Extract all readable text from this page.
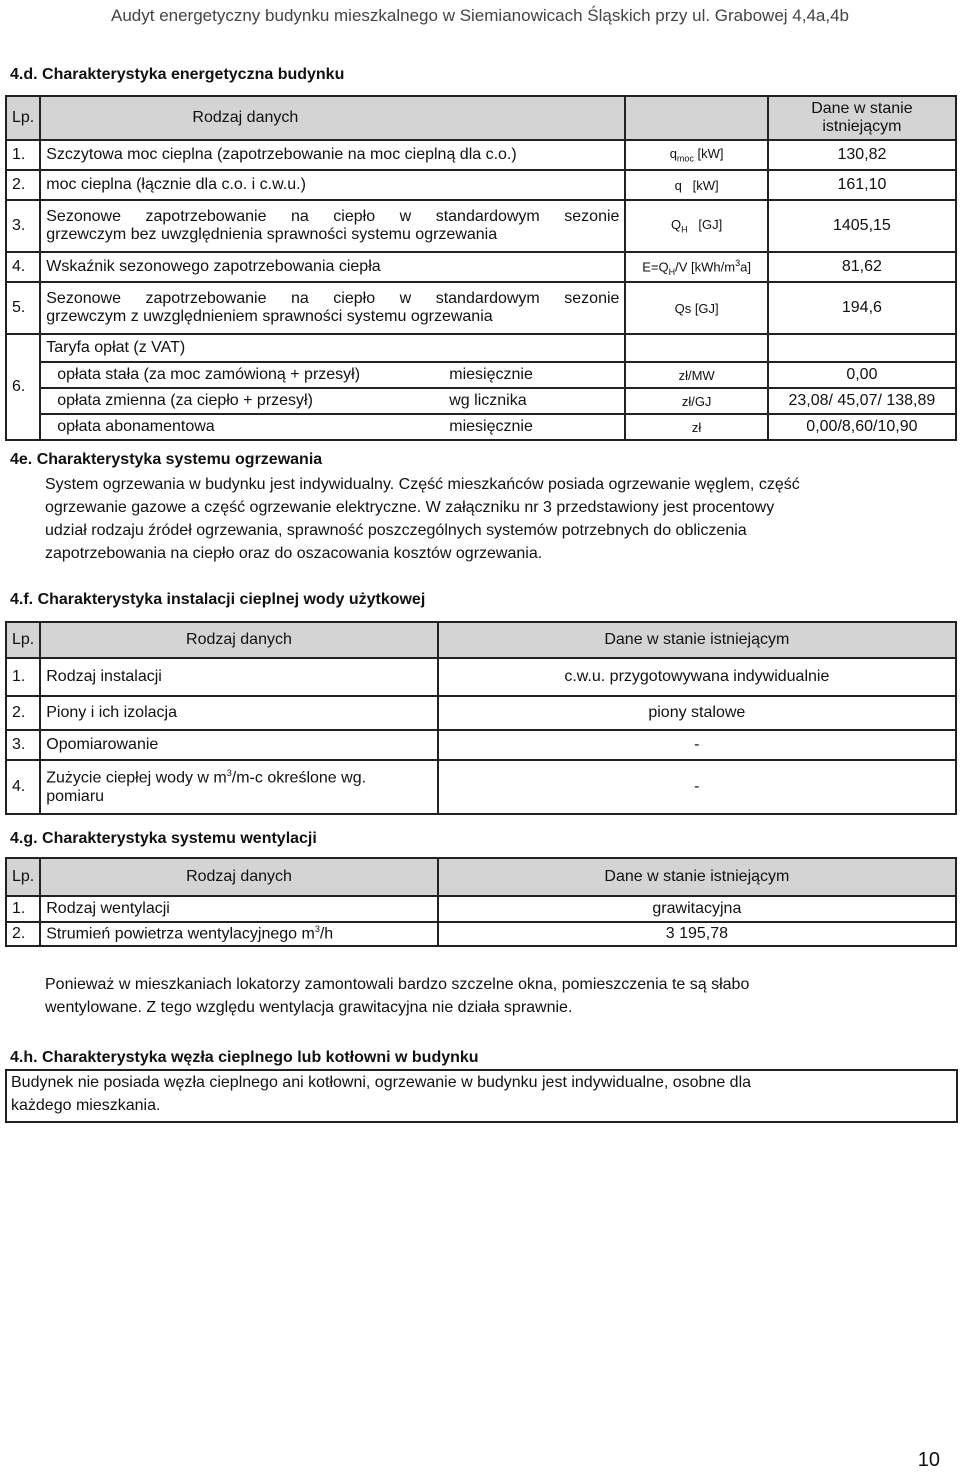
Audyt energetyczny budynku mieszkalnego w Siemianowicach Śląskich przy ul. Grabowej 4,4a,4b
4.d. Charakterystyka energetyczna budynku
Lp.	Rodzaj danych		Dane w stanie
istniejącym
1.	Szczytowa moc cieplna (zapotrzebowanie na moc cieplną dla c.o.)	$q_{moc}$ [kW]	130,82
2.	moc cieplna (łącznie dla c.o. i c.w.u.)	q   [kW]	161,10
3.	Sezonowe zapotrzebowanie na ciepło w standardowym sezonie
grzewczym bez uwzględnienia sprawności systemu ogrzewania	$Q_H$   [GJ]	1405,15
4.	Wskaźnik sezonowego zapotrzebowania ciepła	$E=Q_H/V$ $[kWh/m^3a]$	81,62
5.	Sezonowe zapotrzebowanie na ciepło w standardowym sezonie
grzewczym z uwzględnieniem sprawności systemu ogrzewania	Qs [GJ]	194,6
6.	Taryfa opłat (z VAT)		
	opłata stała (za moc zamówioną + przesył) miesięcznie	zł/MW	0,00
	opłata zmienna (za ciepło + przesył) wg licznika	zł/GJ	23,08/ 45,07/ 138,89
	opłata abonamentowa miesięcznie	zł	0,00/8,60/10,90
4e. Charakterystyka systemu ogrzewania
System ogrzewania w budynku jest indywidualny. Część mieszkańców posiada ogrzewanie węglem, część
ogrzewanie gazowe a część ogrzewanie elektryczne. W załączniku nr 3 przedstawiony jest procentowy
udział rodzaju źródeł ogrzewania, sprawność poszczególnych systemów potrzebnych do obliczenia
zapotrzebowania na ciepło oraz do oszacowania kosztów ogrzewania.
4.f. Charakterystyka instalacji cieplnej wody użytkowej
Lp.	Rodzaj danych	Dane w stanie istniejącym
1.	Rodzaj instalacji	c.w.u. przygotowywana indywidualnie
2.	Piony i ich izolacja	piony stalowe
3.	Opomiarowanie	-
4.	Zużycie ciepłej wody w $m^3/m-c$ określone wg.
pomiaru	-
4.g. Charakterystyka systemu wentylacji
Lp.	Rodzaj danych	Dane w stanie istniejącym
1.	Rodzaj wentylacji	grawitacyjna
2.	Strumień powietrza wentylacyjnego $m^3/h$	3 195,78
Ponieważ w mieszkaniach lokatorzy zamontowali bardzo szczelne okna, pomieszczenia te są słabo
wentylowane. Z tego względu wentylacja grawitacyjna nie działa sprawnie.
4.h. Charakterystyka węzła cieplnego lub kotłowni w budynku
Budynek nie posiada węzła cieplnego ani kotłowni, ogrzewanie w budynku jest indywidualne, osobne dla
każdego mieszkania.
10
